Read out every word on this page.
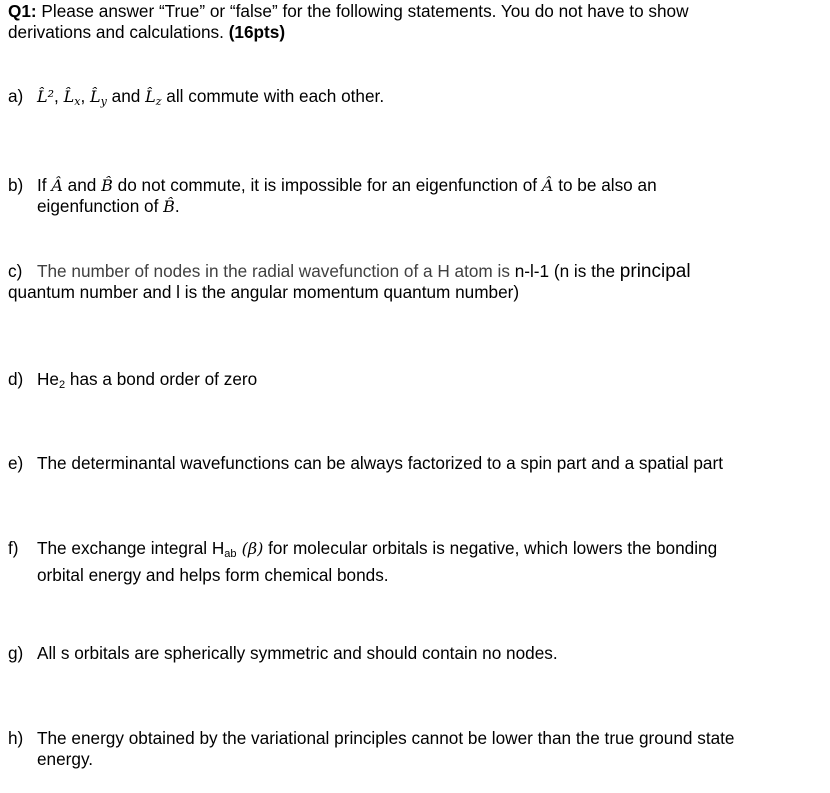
Q1: Please answer “True” or “false” for the following statements. You do not have to show
derivations and calculations. (16pts)
a) L̂², $L̂_x$, $L̂_y$ and $L̂_z$ all commute with each other.
b) If Â and B̂ do not commute, it is impossible for an eigenfunction of Â to be also an
eigenfunction of B̂.
c) The number of nodes in the radial wavefunction of a H atom is n-l-1 (n is the principal
quantum number and l is the angular momentum quantum number)
d) $He_2$ has a bond order of zero
e) The determinantal wavefunctions can be always factorized to a spin part and a spatial part
f) The exchange integral $H_{ab}$ (β) for molecular orbitals is negative, which lowers the bonding
orbital energy and helps form chemical bonds.
g) All s orbitals are spherically symmetric and should contain no nodes.
h) The energy obtained by the variational principles cannot be lower than the true ground state
energy.
